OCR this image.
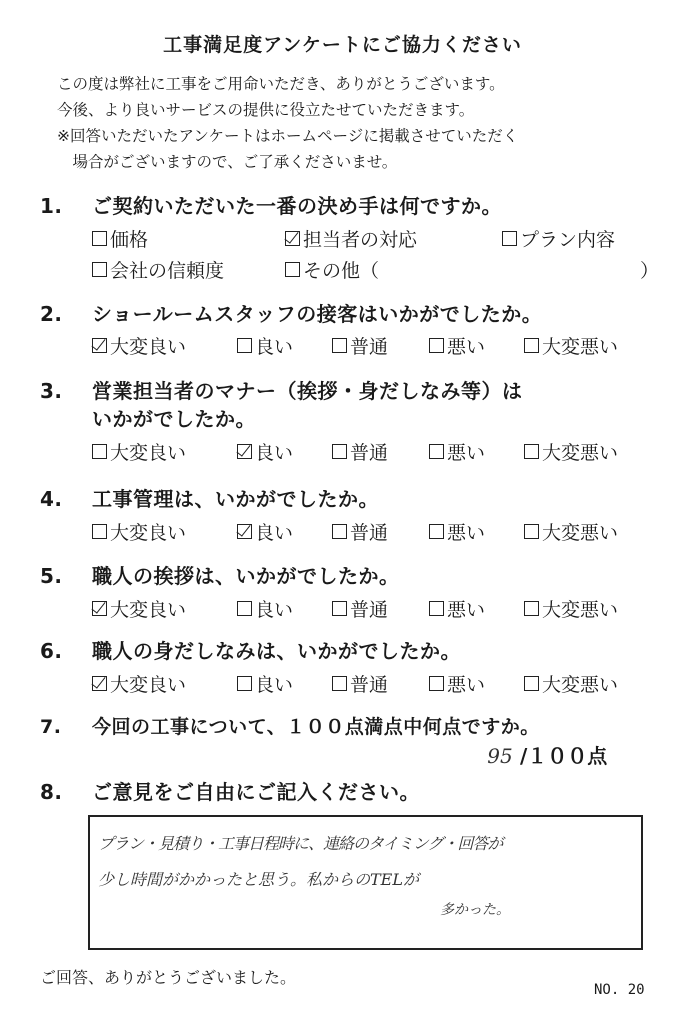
工事満足度アンケートにご協力ください
この度は弊社に工事をご用命いただき、ありがとうございます。
今後、より良いサービスの提供に役立たせていただきます。
※回答いただいたアンケートはホームページに掲載させていただく
　場合がございますので、ご了承くださいませ。
1. ご契約いただいた一番の決め手は何ですか。
価格	担当者の対応	プラン内容
会社の信頼度	その他（	）
2. ショールームスタッフの接客はいかがでしたか。
大変良い	良い	普通	悪い	大変悪い
3. 営業担当者のマナー（挨拶・身だしなみ等）は
いかがでしたか。
大変良い	良い	普通	悪い	大変悪い
4. 工事管理は、いかがでしたか。
大変良い	良い	普通	悪い	大変悪い
5. 職人の挨拶は、いかがでしたか。
大変良い	良い	普通	悪い	大変悪い
6. 職人の身だしなみは、いかがでしたか。
大変良い	良い	普通	悪い	大変悪い
7. 今回の工事について、１００点満点中何点ですか。
95 /１００点
8. ご意見をご自由にご記入ください。
プラン・見積り・工事日程時に、連絡のタイミング・回答が
少し時間がかかったと思う。私からのTELが
多かった。
ご回答、ありがとうございました。
NO. 20
